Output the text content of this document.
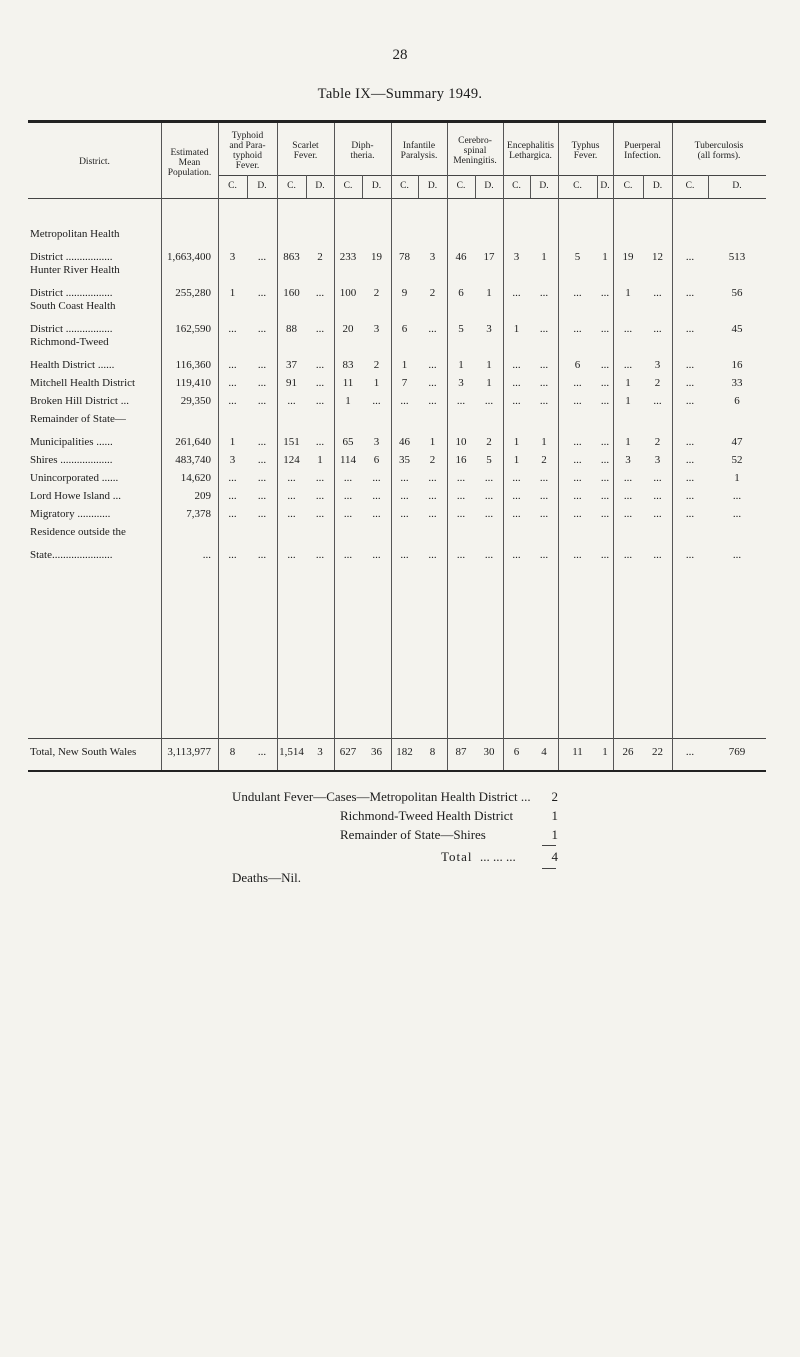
28
Table IX—Summary 1949.
District.
Estimated
Mean
Population.
Typhoid
and Para-
typhoid
Fever.
C.	D.
Scarlet
Fever.
C.	D.
Diph-
theria.
C.	D.
Infantile
Paralysis.
C.	D.
Cerebro-
spinal
Meningitis.
C.	D.
Encephalitis
Lethargica.
C.	D.
Typhus
Fever.
C.	D.
Puerperal
Infection.
C.	D.
Tuberculosis
(all forms).
C.	D.
Metropolitan Health
District .................	1,663,400	3	...	863	2	233	19	78	3	46	17	3	1	5	1	19	12	...	513
Hunter River Health
District .................	255,280	1	...	160	...	100	2	9	2	6	1	...	...	...	...	1	...	...	56
South Coast Health
District .................	162,590	...	...	88	...	20	3	6	...	5	3	1	...	...	...	...	...	...	45
Richmond-Tweed
Health District ......	116,360	...	...	37	...	83	2	1	...	1	1	...	...	6	...	...	3	...	16
Mitchell Health District	119,410	...	...	91	...	11	1	7	...	3	1	...	...	...	...	1	2	...	33
Broken Hill District ...	29,350	...	...	...	...	1	...	...	...	...	...	...	...	...	...	1	...	...	6
Remainder of State—
Municipalities ......	261,640	1	...	151	...	65	3	46	1	10	2	1	1	...	...	1	2	...	47
Shires ...................	483,740	3	...	124	1	114	6	35	2	16	5	1	2	...	...	3	3	...	52
Unincorporated ......	14,620	...	...	...	...	...	...	...	...	...	...	...	...	...	...	...	...	...	1
Lord Howe Island ...	209	...	...	...	...	...	...	...	...	...	...	...	...	...	...	...	...	...	...
Migratory ............	7,378	...	...	...	...	...	...	...	...	...	...	...	...	...	...	...	...	...	...
Residence outside the
State......................	...	...	...	...	...	...	...	...	...	...	...	...	...	...	...	...	...	...	...
Total, New South Wales	3,113,977	8	...	1,514	3	627	36	182	8	87	30	6	4	11	1	26	22	...	769
Undulant Fever—Cases—Metropolitan Health District ...	2
Richmond-Tweed Health District	1
Remainder of State—Shires	1
Total ... ... ...	4
Deaths—Nil.
